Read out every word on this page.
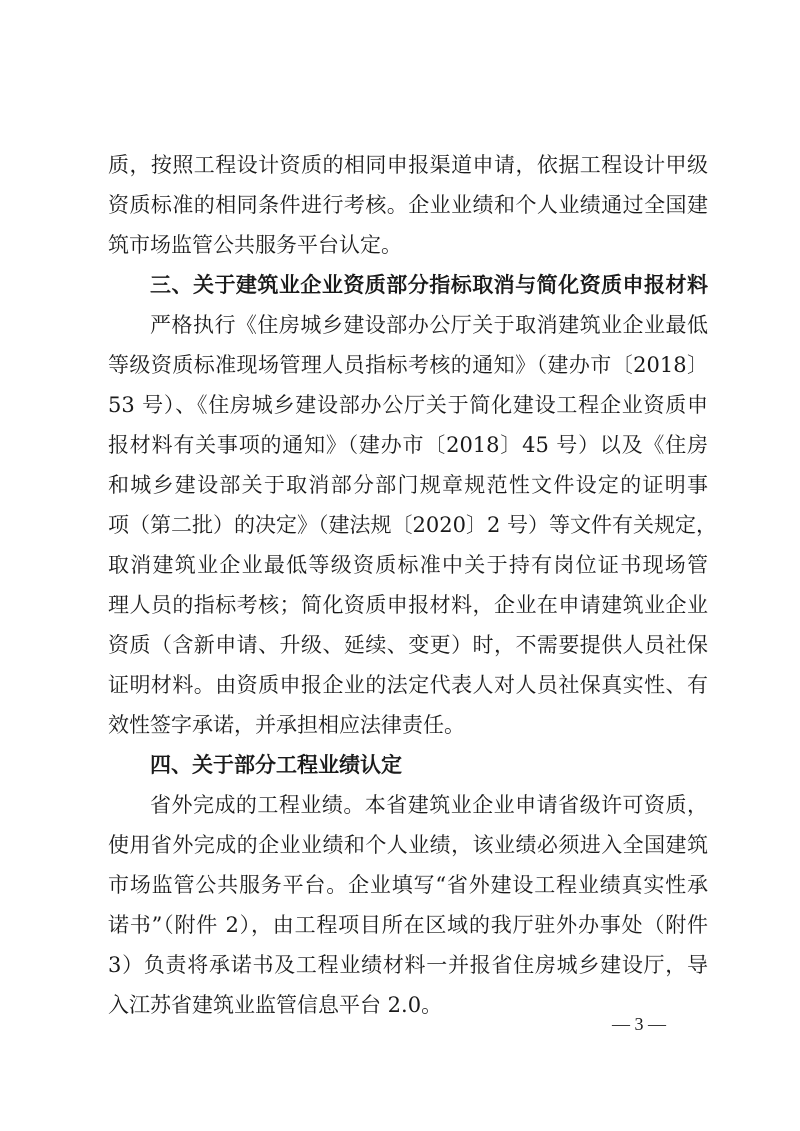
质，按照工程设计资质的相同申报渠道申请，依据工程设计甲级
资质标准的相同条件进行考核。企业业绩和个人业绩通过全国建
筑市场监管公共服务平台认定。
三、关于建筑业企业资质部分指标取消与简化资质申报材料
严格执行《住房城乡建设部办公厅关于取消建筑业企业最低
等级资质标准现场管理人员指标考核的通知》（建办市〔2018〕
53 号）、《住房城乡建设部办公厅关于简化建设工程企业资质申
报材料有关事项的通知》（建办市〔2018〕45 号）以及《住房
和城乡建设部关于取消部分部门规章规范性文件设定的证明事
项（第二批）的决定》（建法规〔2020〕2 号）等文件有关规定，
取消建筑业企业最低等级资质标准中关于持有岗位证书现场管
理人员的指标考核；简化资质申报材料，企业在申请建筑业企业
资质（含新申请、升级、延续、变更）时，不需要提供人员社保
证明材料。由资质申报企业的法定代表人对人员社保真实性、有
效性签字承诺，并承担相应法律责任。
四、关于部分工程业绩认定
省外完成的工程业绩。本省建筑业企业申请省级许可资质，
使用省外完成的企业业绩和个人业绩，该业绩必须进入全国建筑
市场监管公共服务平台。企业填写“省外建设工程业绩真实性承
诺书”（附件 2），由工程项目所在区域的我厅驻外办事处（附件
3）负责将承诺书及工程业绩材料一并报省住房城乡建设厅，导
入江苏省建筑业监管信息平台 2.0。
— 3 —
